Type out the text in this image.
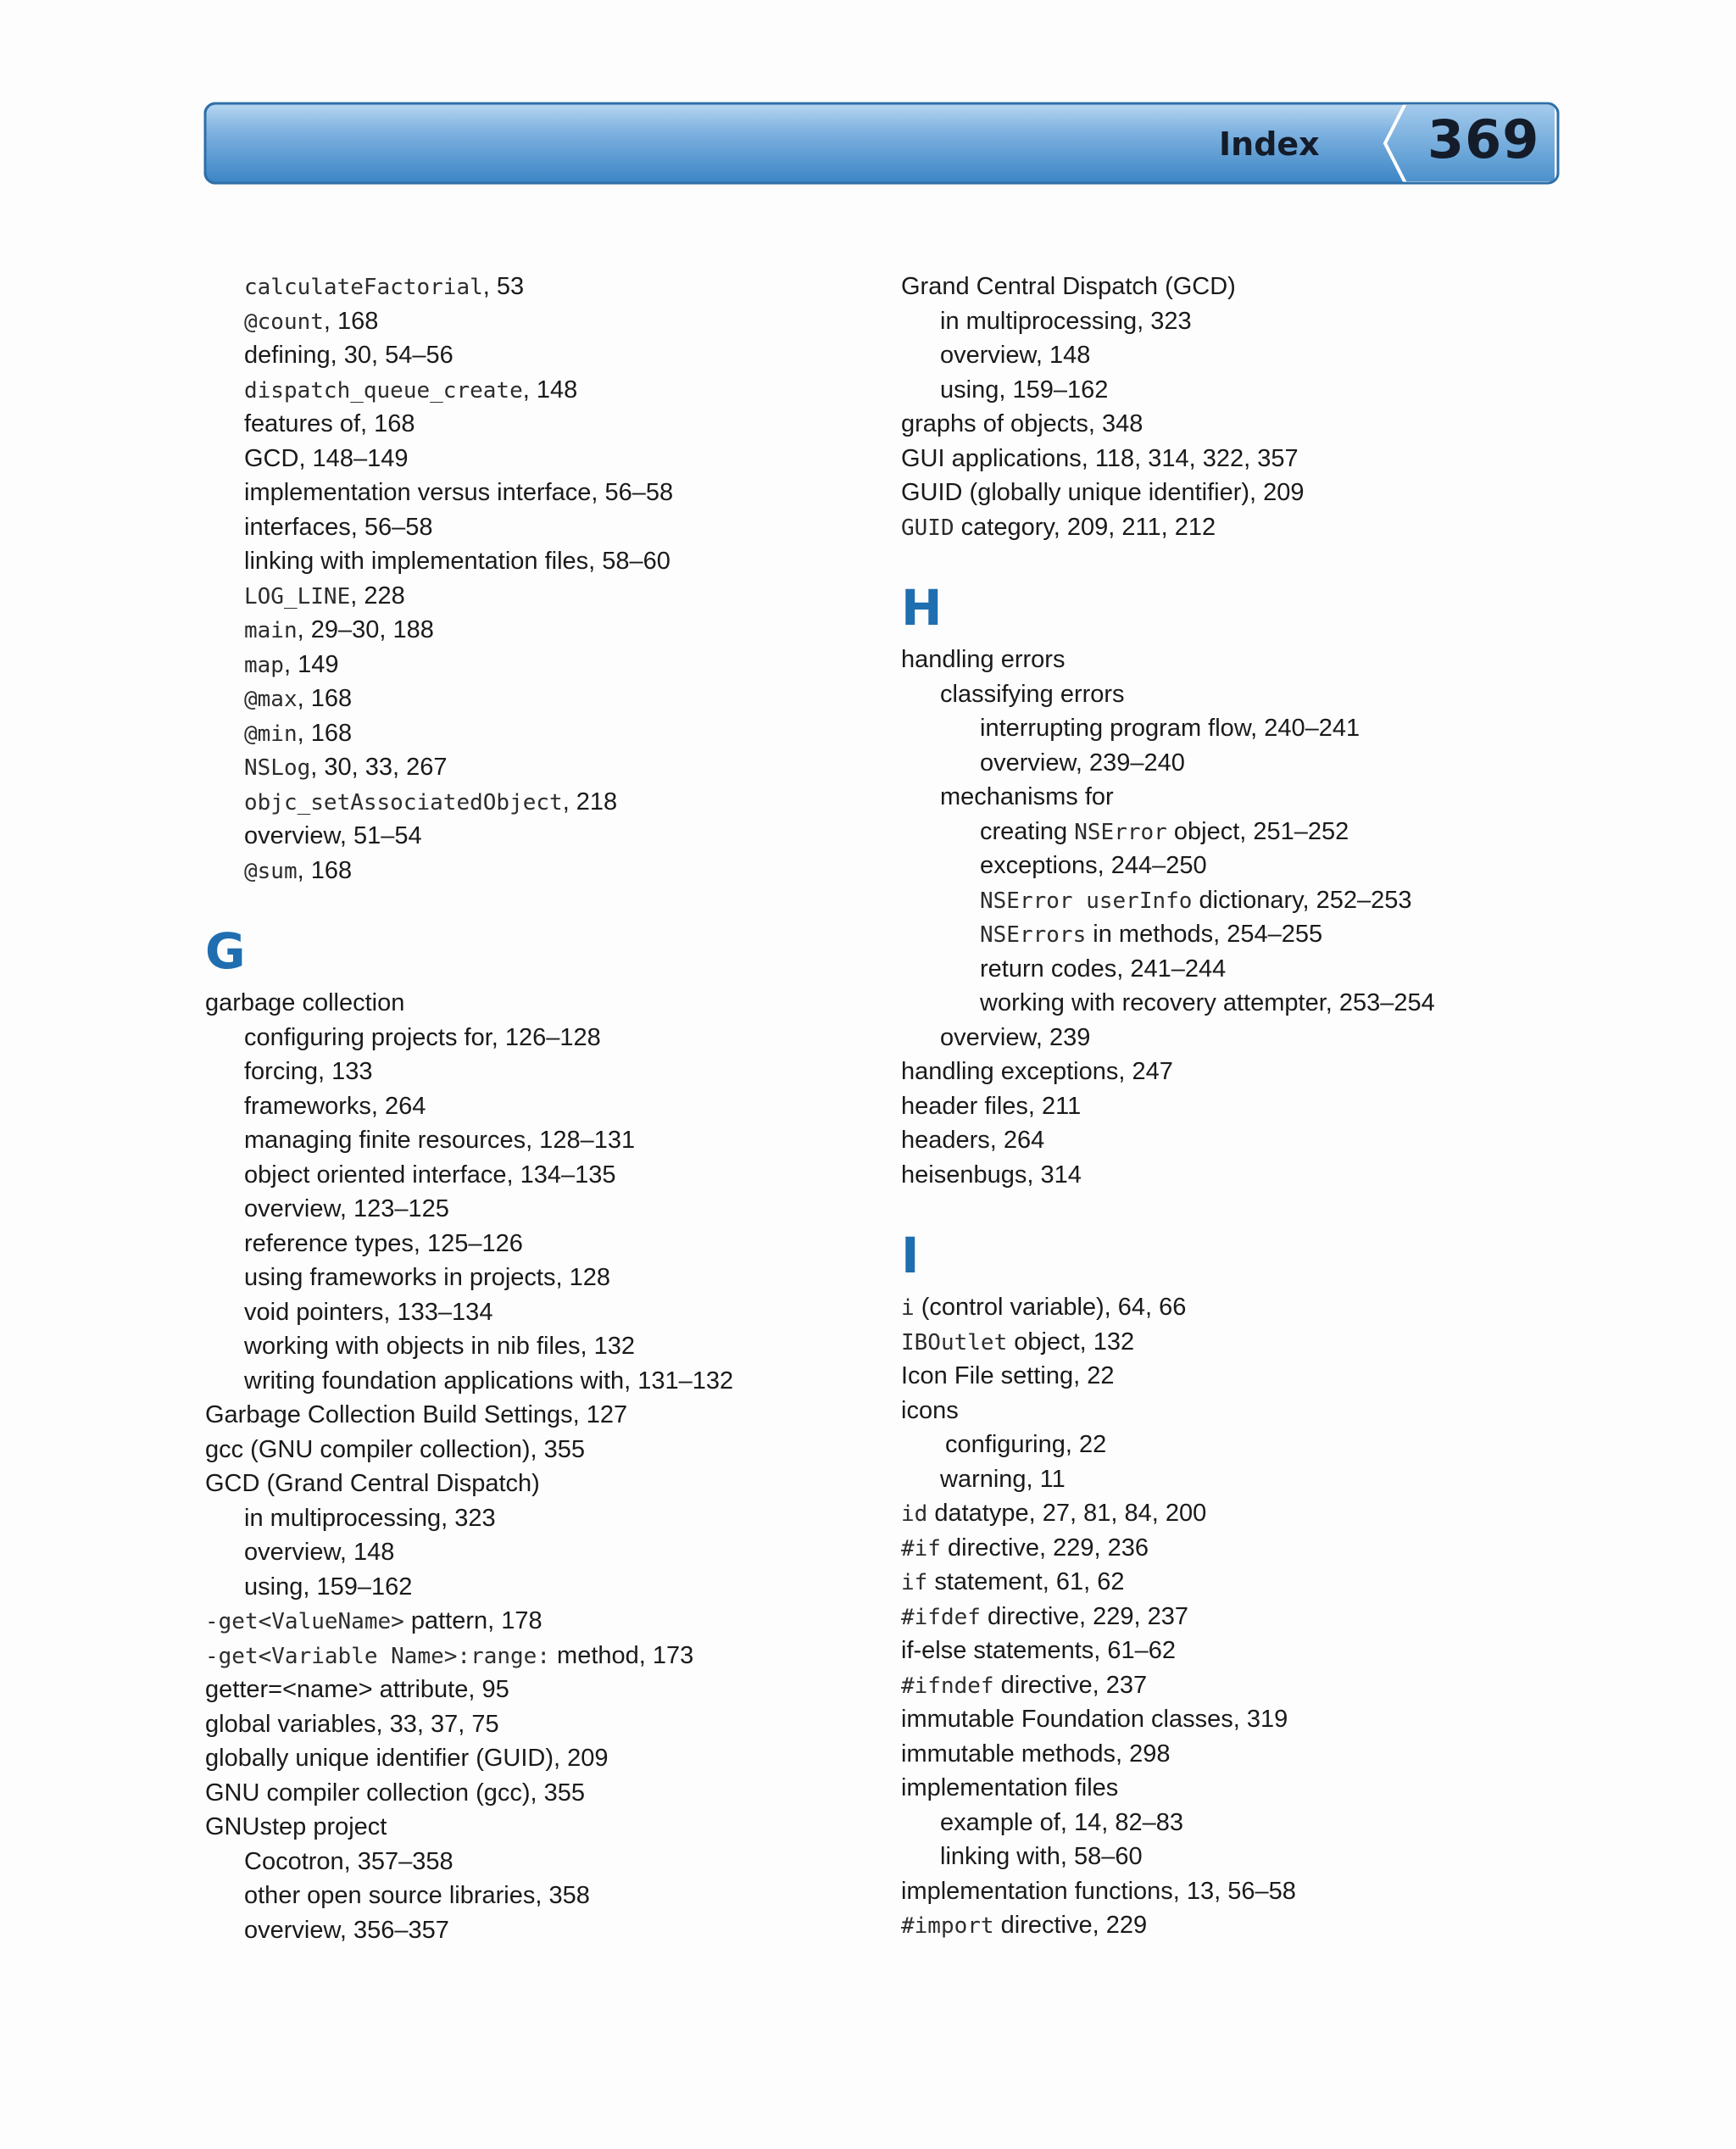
Index 369
calculateFactorial, 53
@count, 168
defining, 30, 54–56
dispatch_queue_create, 148
features of, 168
GCD, 148–149
implementation versus interface, 56–58
interfaces, 56–58
linking with implementation files, 58–60
LOG_LINE, 228
main, 29–30, 188
map, 149
@max, 168
@min, 168
NSLog, 30, 33, 267
objc_setAssociatedObject, 218
overview, 51–54
@sum, 168
G
garbage collection
configuring projects for, 126–128
forcing, 133
frameworks, 264
managing finite resources, 128–131
object oriented interface, 134–135
overview, 123–125
reference types, 125–126
using frameworks in projects, 128
void pointers, 133–134
working with objects in nib files, 132
writing foundation applications with, 131–132
Garbage Collection Build Settings, 127
gcc (GNU compiler collection), 355
GCD (Grand Central Dispatch)
in multiprocessing, 323
overview, 148
using, 159–162
-get<ValueName> pattern, 178
-get<Variable Name>:range: method, 173
getter=<name> attribute, 95
global variables, 33, 37, 75
globally unique identifier (GUID), 209
GNU compiler collection (gcc), 355
GNUstep project
Cocotron, 357–358
other open source libraries, 358
overview, 356–357
Grand Central Dispatch (GCD)
in multiprocessing, 323
overview, 148
using, 159–162
graphs of objects, 348
GUI applications, 118, 314, 322, 357
GUID (globally unique identifier), 209
GUID category, 209, 211, 212
H
handling errors
classifying errors
interrupting program flow, 240–241
overview, 239–240
mechanisms for
creating NSError object, 251–252
exceptions, 244–250
NSError userInfo dictionary, 252–253
NSErrors in methods, 254–255
return codes, 241–244
working with recovery attempter, 253–254
overview, 239
handling exceptions, 247
header files, 211
headers, 264
heisenbugs, 314
I
i (control variable), 64, 66
IBOutlet object, 132
Icon File setting, 22
icons
configuring, 22
warning, 11
id datatype, 27, 81, 84, 200
#if directive, 229, 236
if statement, 61, 62
#ifdef directive, 229, 237
if-else statements, 61–62
#ifndef directive, 237
immutable Foundation classes, 319
immutable methods, 298
implementation files
example of, 14, 82–83
linking with, 58–60
implementation functions, 13, 56–58
#import directive, 229
